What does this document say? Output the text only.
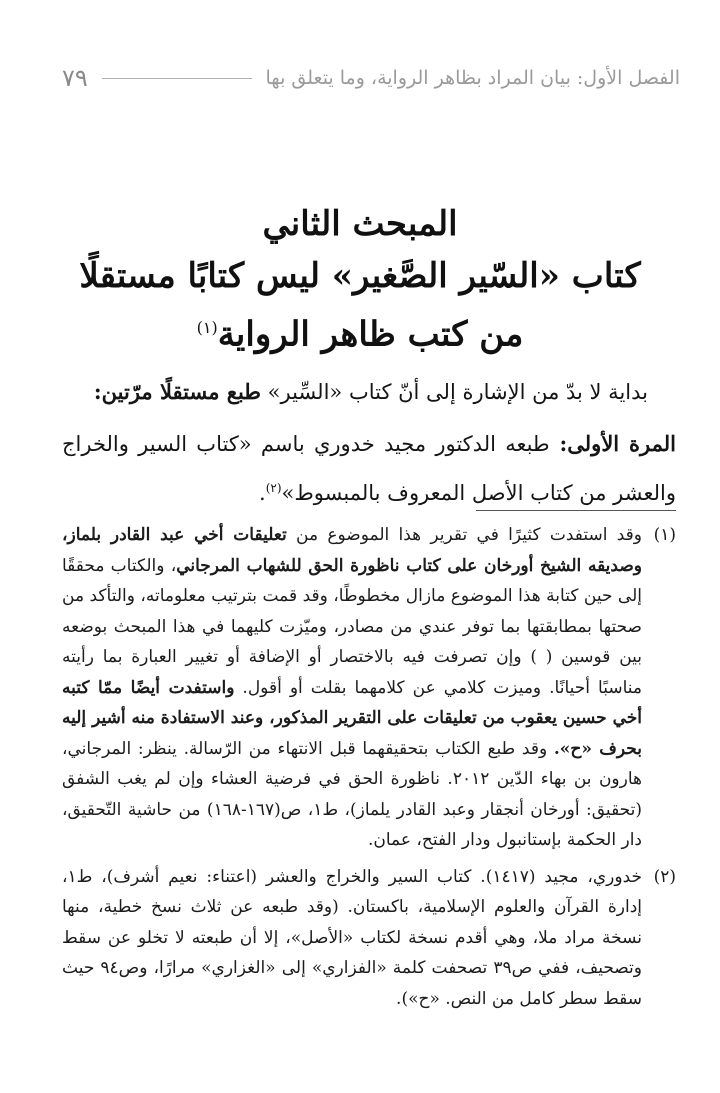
الفصل الأول: بيان المراد بظاهر الرواية، وما يتعلق بها
٧٩
المبحث الثاني
كتاب «السّير الصَّغير» ليس كتابًا مستقلًا
من كتب ظاهر الرواية$^{(١)}$

بداية لا بدّ من الإشارة إلى أنّ كتاب «السِّير» طبع مستقلًا مرّتين:

المرة الأولى: طبعه الدكتور مجيد خدوري باسم «كتاب السير والخراج والعشر من كتاب الأصل المعروف بالمبسوط»$^{(٢)}$.

(١)
وقد استفدت كثيرًا في تقرير هذا الموضوع من تعليقات أخي عبد القادر بلماز، وصديقه الشيخ أورخان على كتاب ناظورة الحق للشهاب المرجاني، والكتاب محققًا إلى حين كتابة هذا الموضوع مازال مخطوطًا، وقد قمت بترتيب معلوماته، والتأكد من صحتها بمطابقتها بما توفر عندي من مصادر، وميّزت كليهما في هذا المبحث بوضعه بين قوسين ( ) وإن تصرفت فيه بالاختصار أو الإضافة أو تغيير العبارة بما رأيته مناسبًا أحيانًا. وميزت كلامي عن كلامهما بقلت أو أقول. واستفدت أيضًا ممّا كتبه أخي حسين يعقوب من تعليقات على التقرير المذكور، وعند الاستفادة منه أشير إليه بحرف «ح». وقد طبع الكتاب بتحقيقهما قبل الانتهاء من الرّسالة. ينظر: المرجاني، هارون بن بهاء الدّين ٢٠١٢. ناظورة الحق في فرضية العشاء وإن لم يغب الشفق (تحقيق: أورخان أنجقار وعبد القادر يلماز)، ط١، ص(١٦٧-١٦٨) من حاشية التّحقيق، دار الحكمة بإستانبول ودار الفتح، عمان.

(٢)
خدوري، مجيد (١٤١٧). كتاب السير والخراج والعشر (اعتناء: نعيم أشرف)، ط١، إدارة القرآن والعلوم الإسلامية، باكستان. (وقد طبعه عن ثلاث نسخ خطية، منها نسخة مراد ملا، وهي أقدم نسخة لكتاب «الأصل»، إلا أن طبعته لا تخلو عن سقط وتصحيف، ففي ص٣٩ تصحفت كلمة «الفزاري» إلى «الغزاري» مرارًا، وص٩٤ حيث سقط سطر كامل من النص. «ح»).
